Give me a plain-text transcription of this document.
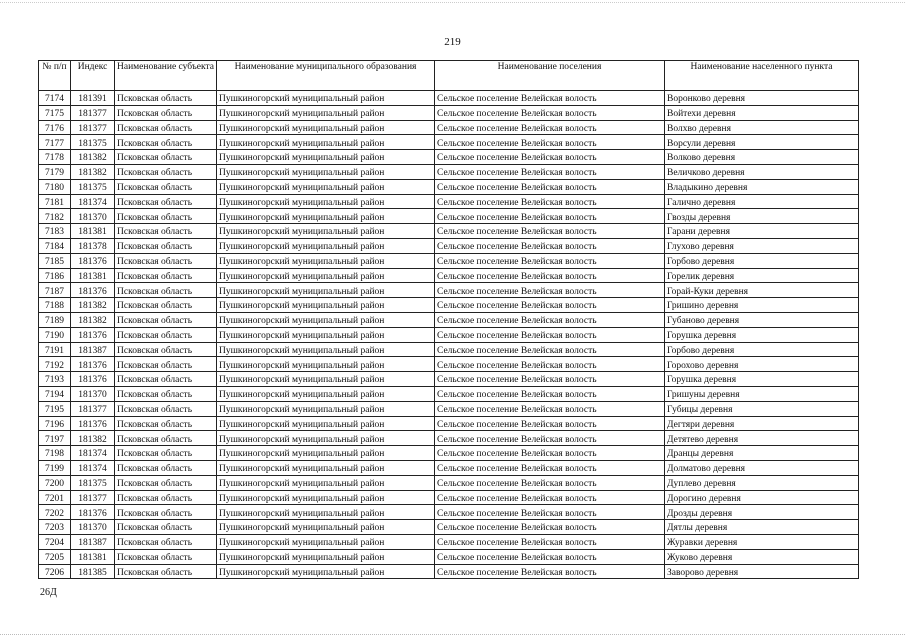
219
№ п/п	Индекс	Наименование субъекта	Наименование муниципального образования	Наименование поселения	Наименование населенного пункта
7174	181391	Псковская область	Пушкиногорский муниципальный район	Сельское поселение Велейская волость	Воронково деревня
7175	181377	Псковская область	Пушкиногорский муниципальный район	Сельское поселение Велейская волость	Войтехи деревня
7176	181377	Псковская область	Пушкиногорский муниципальный район	Сельское поселение Велейская волость	Волхво деревня
7177	181375	Псковская область	Пушкиногорский муниципальный район	Сельское поселение Велейская волость	Ворсули деревня
7178	181382	Псковская область	Пушкиногорский муниципальный район	Сельское поселение Велейская волость	Волково деревня
7179	181382	Псковская область	Пушкиногорский муниципальный район	Сельское поселение Велейская волость	Величково деревня
7180	181375	Псковская область	Пушкиногорский муниципальный район	Сельское поселение Велейская волость	Владыкино деревня
7181	181374	Псковская область	Пушкиногорский муниципальный район	Сельское поселение Велейская волость	Галично деревня
7182	181370	Псковская область	Пушкиногорский муниципальный район	Сельское поселение Велейская волость	Гвозды деревня
7183	181381	Псковская область	Пушкиногорский муниципальный район	Сельское поселение Велейская волость	Гарани деревня
7184	181378	Псковская область	Пушкиногорский муниципальный район	Сельское поселение Велейская волость	Глухово деревня
7185	181376	Псковская область	Пушкиногорский муниципальный район	Сельское поселение Велейская волость	Горбово деревня
7186	181381	Псковская область	Пушкиногорский муниципальный район	Сельское поселение Велейская волость	Горелик деревня
7187	181376	Псковская область	Пушкиногорский муниципальный район	Сельское поселение Велейская волость	Горай-Куки деревня
7188	181382	Псковская область	Пушкиногорский муниципальный район	Сельское поселение Велейская волость	Гришино деревня
7189	181382	Псковская область	Пушкиногорский муниципальный район	Сельское поселение Велейская волость	Губаново деревня
7190	181376	Псковская область	Пушкиногорский муниципальный район	Сельское поселение Велейская волость	Горушка деревня
7191	181387	Псковская область	Пушкиногорский муниципальный район	Сельское поселение Велейская волость	Горбово деревня
7192	181376	Псковская область	Пушкиногорский муниципальный район	Сельское поселение Велейская волость	Горохово деревня
7193	181376	Псковская область	Пушкиногорский муниципальный район	Сельское поселение Велейская волость	Горушка деревня
7194	181370	Псковская область	Пушкиногорский муниципальный район	Сельское поселение Велейская волость	Гришуны деревня
7195	181377	Псковская область	Пушкиногорский муниципальный район	Сельское поселение Велейская волость	Губицы деревня
7196	181376	Псковская область	Пушкиногорский муниципальный район	Сельское поселение Велейская волость	Дегтяри деревня
7197	181382	Псковская область	Пушкиногорский муниципальный район	Сельское поселение Велейская волость	Детятево деревня
7198	181374	Псковская область	Пушкиногорский муниципальный район	Сельское поселение Велейская волость	Дранцы деревня
7199	181374	Псковская область	Пушкиногорский муниципальный район	Сельское поселение Велейская волость	Долматово деревня
7200	181375	Псковская область	Пушкиногорский муниципальный район	Сельское поселение Велейская волость	Дуплево деревня
7201	181377	Псковская область	Пушкиногорский муниципальный район	Сельское поселение Велейская волость	Дорогино деревня
7202	181376	Псковская область	Пушкиногорский муниципальный район	Сельское поселение Велейская волость	Дрозды деревня
7203	181370	Псковская область	Пушкиногорский муниципальный район	Сельское поселение Велейская волость	Дятлы деревня
7204	181387	Псковская область	Пушкиногорский муниципальный район	Сельское поселение Велейская волость	Журавки деревня
7205	181381	Псковская область	Пушкиногорский муниципальный район	Сельское поселение Велейская волость	Жуково деревня
7206	181385	Псковская область	Пушкиногорский муниципальный район	Сельское поселение Велейская волость	Заворово деревня
26Д
